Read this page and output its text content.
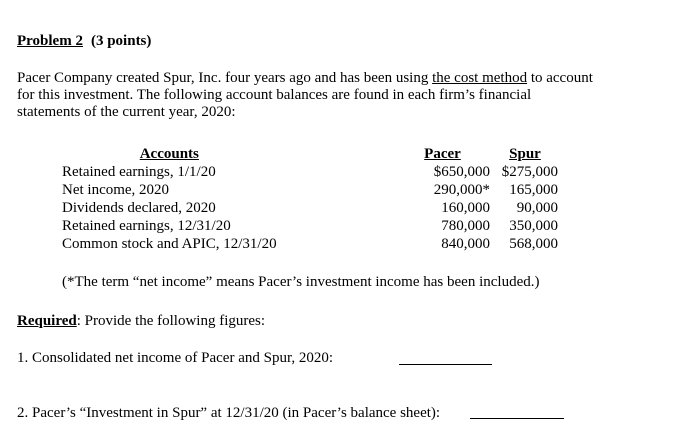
Problem 2 (3 points)
Pacer Company created Spur, Inc. four years ago and has been using the cost method to account
for this investment. The following account balances are found in each firm’s financial
statements of the current year, 2020:
Accounts
Retained earnings, 1/1/20
Net income, 2020
Dividends declared, 2020
Retained earnings, 12/31/20
Common stock and APIC, 12/31/20
Pacer
$650,000
290,000*
160,000
780,000
840,000
Spur
$275,000
165,000
90,000
350,000
568,000
(*The term “net income” means Pacer’s investment income has been included.)
Required: Provide the following figures:
1. Consolidated net income of Pacer and Spur, 2020:
2. Pacer’s “Investment in Spur” at 12/31/20 (in Pacer’s balance sheet):
